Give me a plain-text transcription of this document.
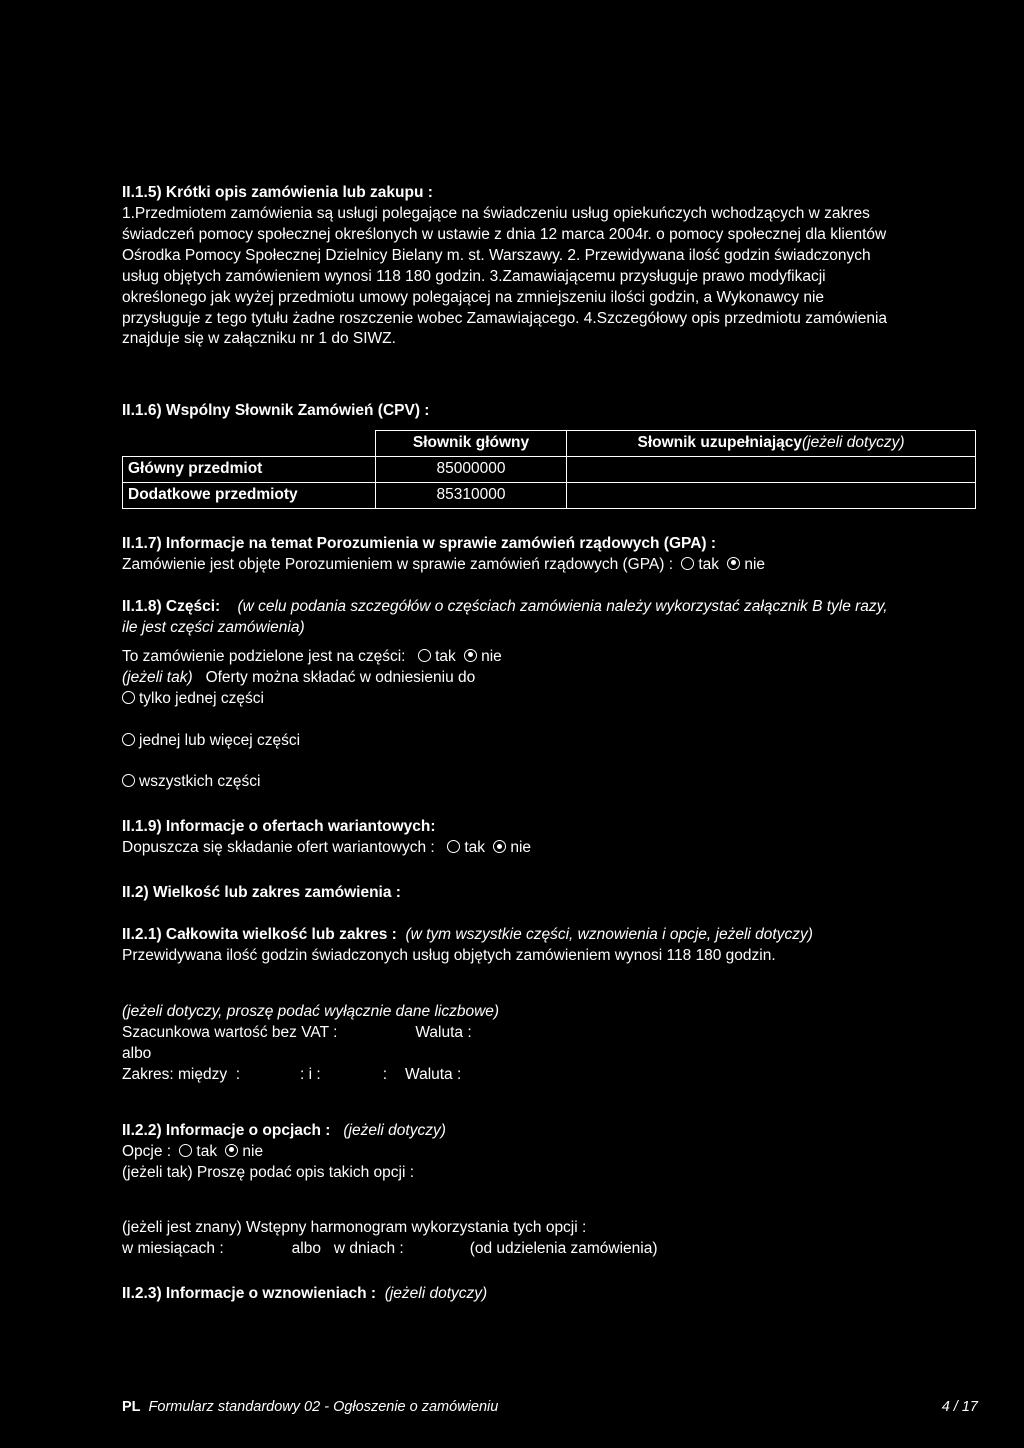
II.1.5) Krótki opis zamówienia lub zakupu :
1.Przedmiotem zamówienia są usługi polegające na świadczeniu usług opiekuńczych wchodzących w zakres
świadczeń pomocy społecznej określonych w ustawie z dnia 12 marca 2004r. o pomocy społecznej dla klientów
Ośrodka Pomocy Społecznej Dzielnicy Bielany m. st. Warszawy. 2. Przewidywana ilość godzin świadczonych
usług objętych zamówieniem wynosi 118 180 godzin. 3.Zamawiającemu przysługuje prawo modyfikacji
określonego jak wyżej przedmiotu umowy polegającej na zmniejszeniu ilości godzin, a Wykonawcy nie
przysługuje z tego tytułu żadne roszczenie wobec Zamawiającego. 4.Szczegółowy opis przedmiotu zamówienia
znajduje się w załączniku nr 1 do SIWZ.
II.1.6) Wspólny Słownik Zamówień (CPV) :
	Słownik główny	Słownik uzupełniający(jeżeli dotyczy)
Główny przedmiot	85000000	
Dodatkowe przedmioty	85310000	
II.1.7) Informacje na temat Porozumienia w sprawie zamówień rządowych (GPA) :
Zamówienie jest objęte Porozumieniem w sprawie zamówień rządowych (GPA) : tak nie
II.1.8) Części: (w celu podania szczegółów o częściach zamówienia należy wykorzystać załącznik B tyle razy,
ile jest części zamówienia)
To zamówienie podzielone jest na części: tak nie
(jeżeli tak) Oferty można składać w odniesieniu do
tylko jednej części
jednej lub więcej części
wszystkich części
II.1.9) Informacje o ofertach wariantowych:
Dopuszcza się składanie ofert wariantowych : tak nie
II.2) Wielkość lub zakres zamówienia :
II.2.1) Całkowita wielkość lub zakres : (w tym wszystkie części, wznowienia i opcje, jeżeli dotyczy)
Przewidywana ilość godzin świadczonych usług objętych zamówieniem wynosi 118 180 godzin.
(jeżeli dotyczy, proszę podać wyłącznie dane liczbowe)
Szacunkowa wartość bez VAT :	Waluta :
albo
Zakres: między :	: i :	: Waluta :
II.2.2) Informacje o opcjach : (jeżeli dotyczy)
Opcje : tak nie
(jeżeli tak) Proszę podać opis takich opcji :
(jeżeli jest znany) Wstępny harmonogram wykorzystania tych opcji :
w miesiącach :	albo w dniach :	(od udzielenia zamówienia)
II.2.3) Informacje o wznowieniach : (jeżeli dotyczy)
PL Formularz standardowy 02 - Ogłoszenie o zamówieniu	4 / 17
